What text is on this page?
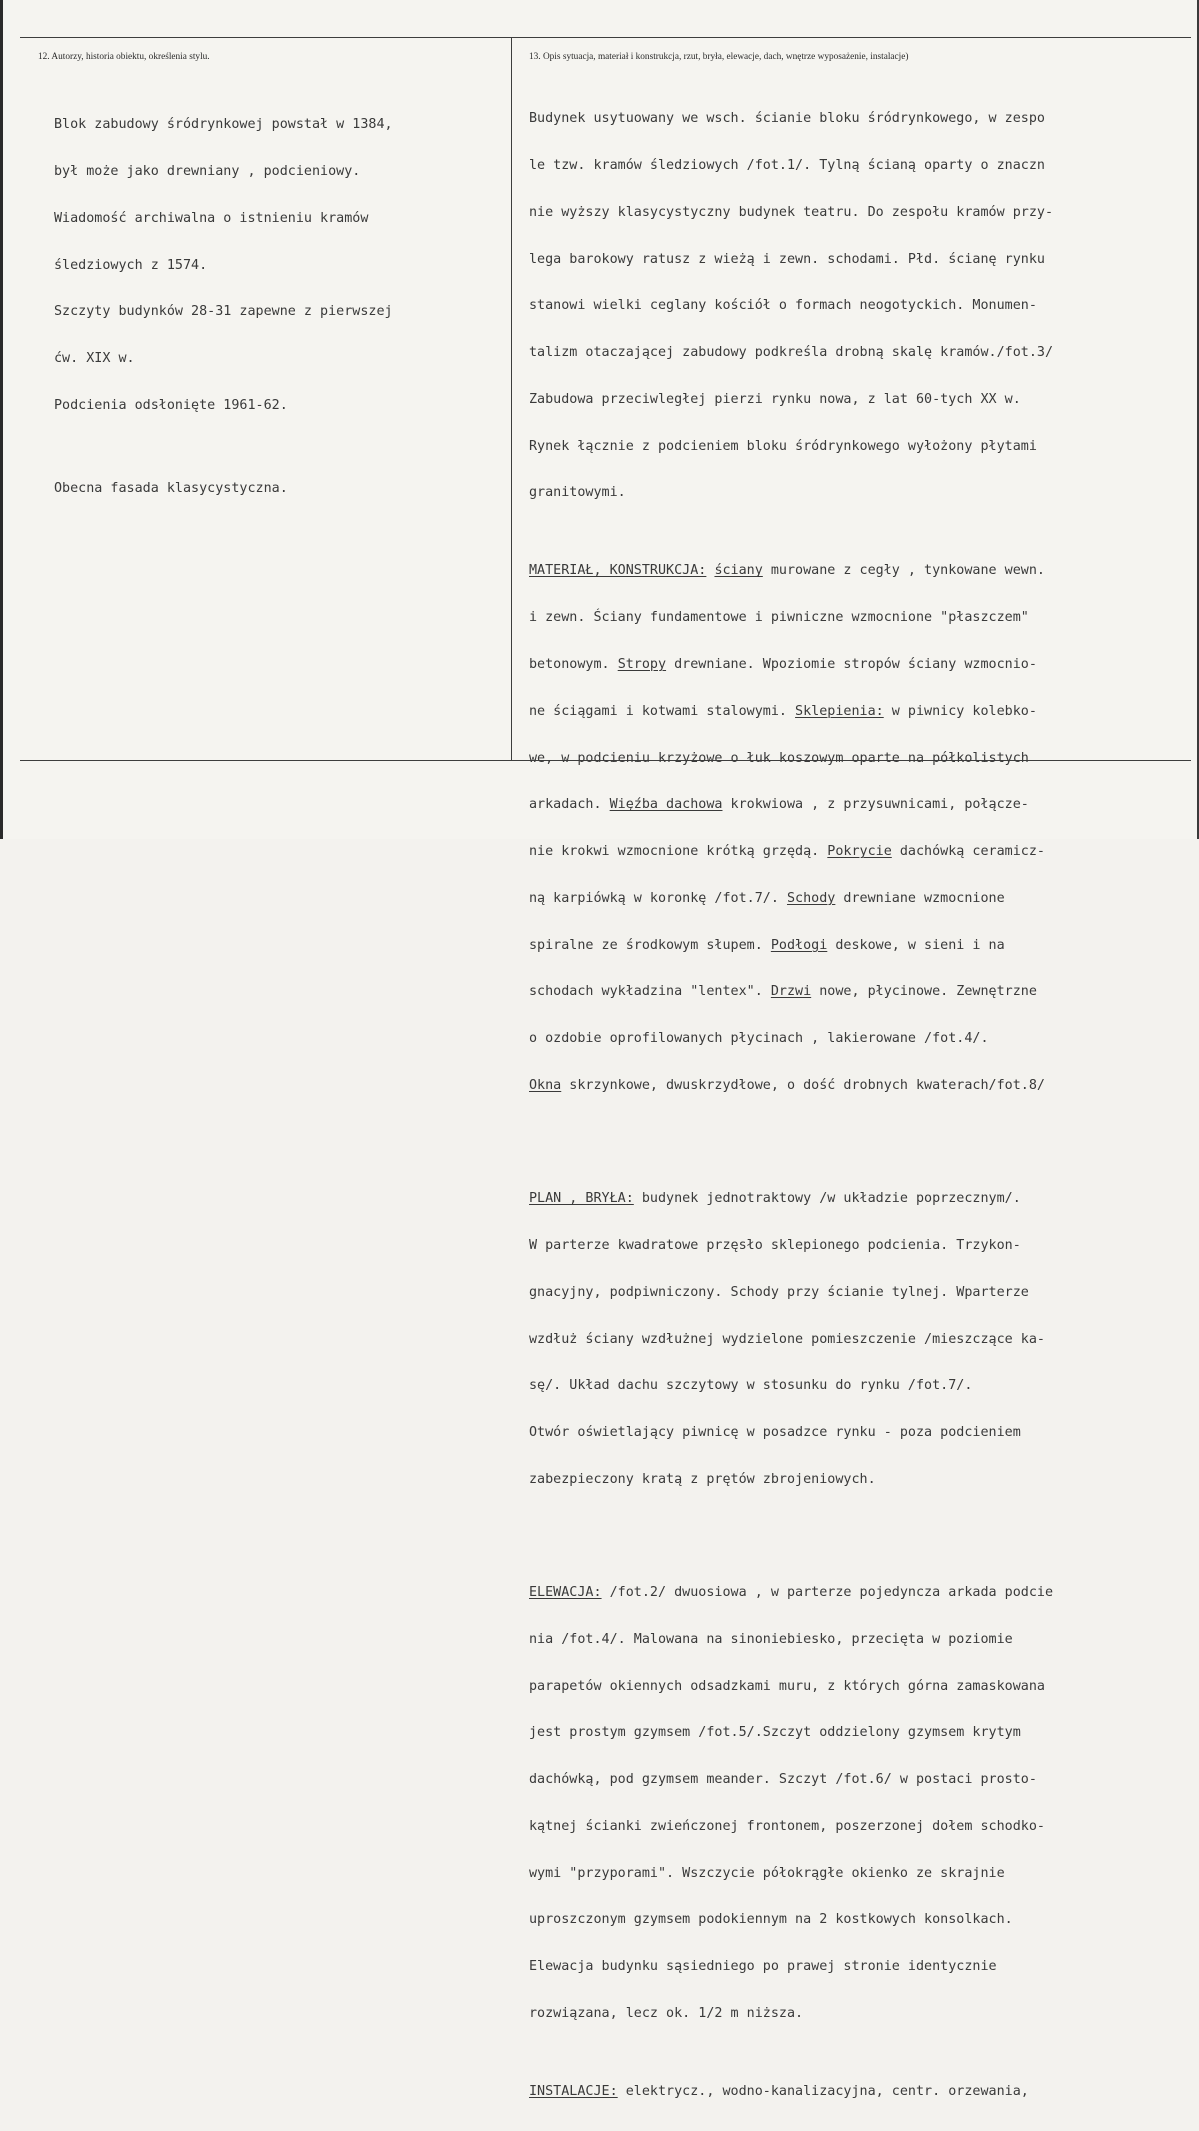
12. Autorzy, historia obiektu, określenia stylu.	13. Opis sytuacja, materiał i konstrukcja, rzut, bryła, elewacje, dach, wnętrze wyposażenie, instalacje)

Blok zabudowy śródrynkowej powstał w 1384,

był może jako drewniany , podcieniowy.

Wiadomość archiwalna o istnieniu kramów

śledziowych z 1574.

Szczyty budynków 28-31 zapewne z pierwszej

ćw. XIX w.

Podcienia odsłonięte 1961-62.

Obecna fasada klasycystyczna.

Budynek usytuowany we wsch. ścianie bloku śródrynkowego, w zespo

le tzw. kramów śledziowych /fot.1/. Tylną ścianą oparty o znaczn

nie wyższy klasycystyczny budynek teatru. Do zespołu kramów przy-

lega barokowy ratusz z wieżą i zewn. schodami. Płd. ścianę rynku

stanowi wielki ceglany kościół o formach neogotyckich. Monumen-

talizm otaczającej zabudowy podkreśla drobną skalę kramów./fot.3/

Zabudowa przeciwległej pierzi rynku nowa, z lat 60-tych XX w.

Rynek łącznie z podcieniem bloku śródrynkowego wyłożony płytami

granitowymi.

MATERIAŁ, KONSTRUKCJA: ściany murowane z cegły , tynkowane wewn.

i zewn. Ściany fundamentowe i piwniczne wzmocnione "płaszczem"

betonowym. Stropy drewniane. Wpoziomie stropów ściany wzmocnio-

ne ściągami i kotwami stalowymi. Sklepienia: w piwnicy kolebko-

we, w podcieniu krzyżowe o łuk koszowym oparte na półkolistych

arkadach. Więźba dachowa krokwiowa , z przysuwnicami, połącze-

nie krokwi wzmocnione krótką grzędą. Pokrycie dachówką ceramicz-

ną karpiówką w koronkę /fot.7/. Schody drewniane wzmocnione

spiralne ze środkowym słupem. Podłogi deskowe, w sieni i na

schodach wykładzina "lentex". Drzwi nowe, płycinowe. Zewnętrzne

o ozdobie oprofilowanych płycinach , lakierowane /fot.4/.

Okna skrzynkowe, dwuskrzydłowe, o dość drobnych kwaterach/fot.8/

PLAN , BRYŁA: budynek jednotraktowy /w układzie poprzecznym/.

W parterze kwadratowe przęsło sklepionego podcienia. Trzykon-

gnacyjny, podpiwniczony. Schody przy ścianie tylnej. Wparterze

wzdłuż ściany wzdłużnej wydzielone pomieszczenie /mieszczące ka-

sę/. Układ dachu szczytowy w stosunku do rynku /fot.7/.

Otwór oświetlający piwnicę w posadzce rynku - poza podcieniem

zabezpieczony kratą z prętów zbrojeniowych.

ELEWACJA: /fot.2/ dwuosiowa , w parterze pojedyncza arkada podcie

nia /fot.4/. Malowana na sinoniebiesko, przecięta w poziomie

parapetów okiennych odsadzkami muru, z których górna zamaskowana

jest prostym gzymsem /fot.5/.Szczyt oddzielony gzymsem krytym

dachówką, pod gzymsem meander. Szczyt /fot.6/ w postaci prosto-

kątnej ścianki zwieńczonej frontonem, poszerzonej dołem schodko-

wymi "przyporami". Wszczycie półokrągłe okienko ze skrajnie

uproszczonym gzymsem podokiennym na 2 kostkowych konsolkach.

Elewacja budynku sąsiedniego po prawej stronie identycznie

rozwiązana, lecz ok. 1/2 m niższa.

INSTALACJE: elektrycz., wodno-kanalizacyjna, centr. orzewania,
